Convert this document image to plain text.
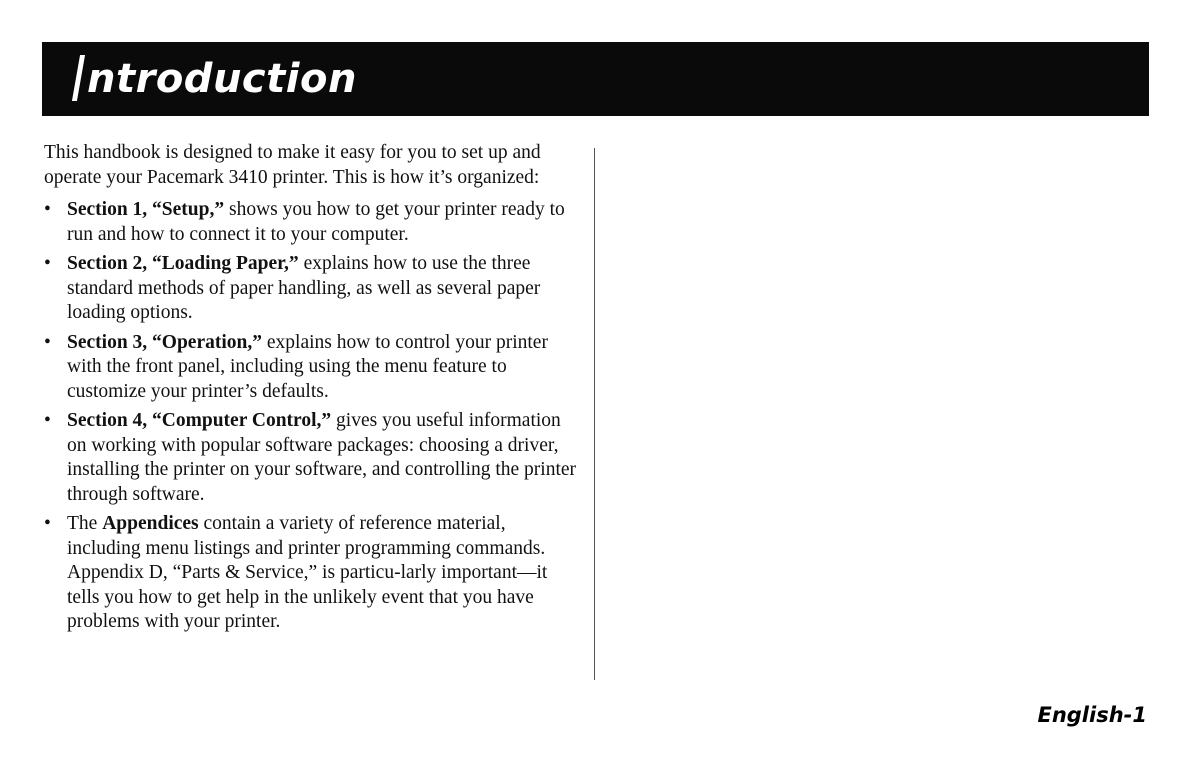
ntroduction

This handbook is designed to make it easy for you to set up and operate your Pacemark 3410 printer. This is how it’s organized:

• Section 1, “Setup,” shows you how to get your printer ready to run and how to connect it to your computer.
• Section 2, “Loading Paper,” explains how to use the three standard methods of paper handling, as well as several paper loading options.
• Section 3, “Operation,” explains how to control your printer with the front panel, including using the menu feature to customize your printer’s defaults.
• Section 4, “Computer Control,” gives you useful information on working with popular software packages: choosing a driver, installing the printer on your software, and controlling the printer through software.
• The Appendices contain a variety of reference material, including menu listings and printer programming commands. Appendix D, “Parts & Service,” is particu-larly important—it tells you how to get help in the unlikely event that you have problems with your printer.
English-1
